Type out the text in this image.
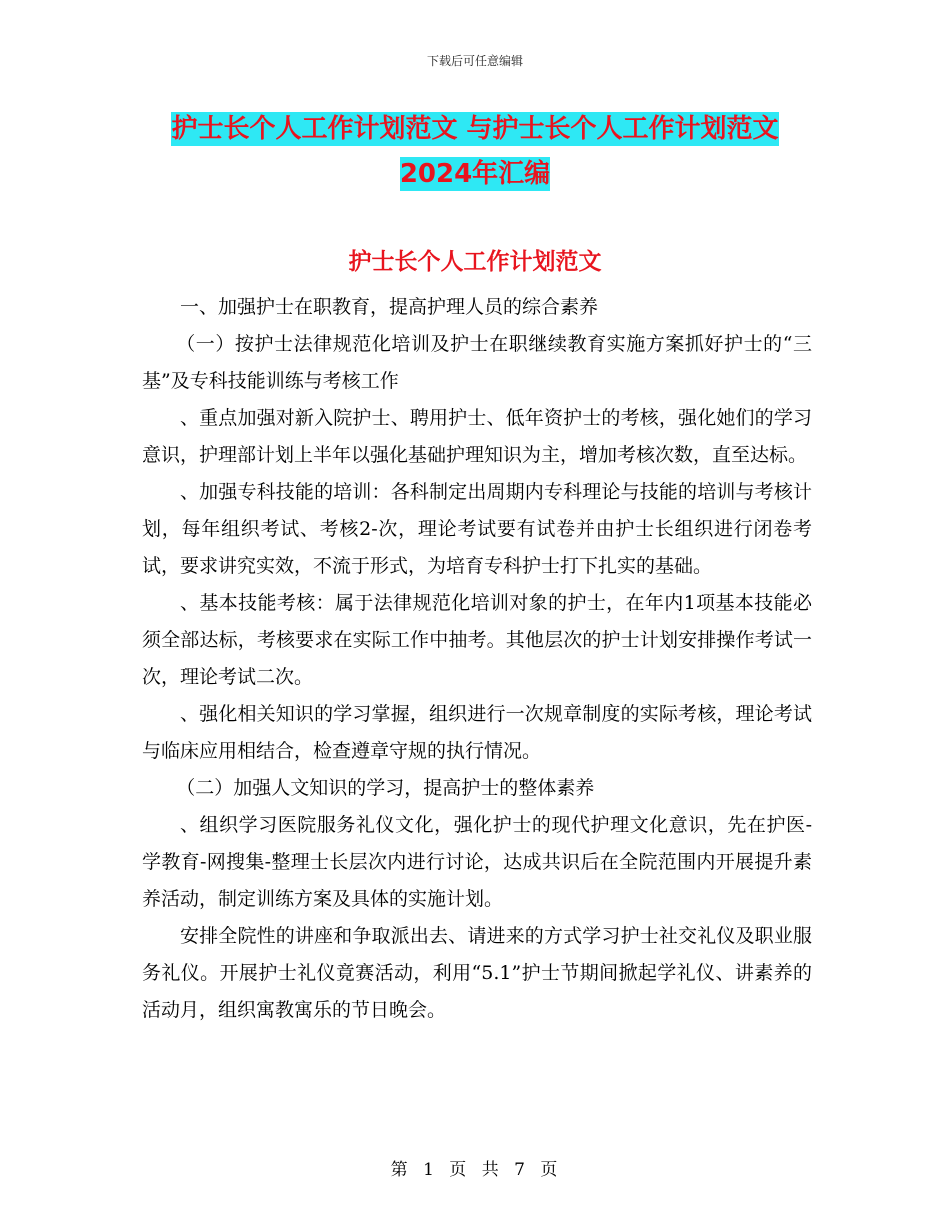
下载后可任意编辑
护士长个人工作计划范文 与护士长个人工作计划范文
2024年汇编
护士长个人工作计划范文

一、加强护士在职教育，提高护理人员的综合素养

（一）按护士法律规范化培训及护士在职继续教育实施方案抓好护士的“三基”及专科技能训练与考核工作

、重点加强对新入院护士、聘用护士、低年资护士的考核，强化她们的学习意识，护理部计划上半年以强化基础护理知识为主，增加考核次数，直至达标。

、加强专科技能的培训：各科制定出周期内专科理论与技能的培训与考核计划，每年组织考试、考核2-次，理论考试要有试卷并由护士长组织进行闭卷考试，要求讲究实效，不流于形式，为培育专科护士打下扎实的基础。

、基本技能考核：属于法律规范化培训对象的护士，在年内1项基本技能必须全部达标，考核要求在实际工作中抽考。其他层次的护士计划安排操作考试一次，理论考试二次。

、强化相关知识的学习掌握，组织进行一次规章制度的实际考核，理论考试与临床应用相结合，检查遵章守规的执行情况。

（二）加强人文知识的学习，提高护士的整体素养

、组织学习医院服务礼仪文化，强化护士的现代护理文化意识，先在护医-学教育-网搜集-整理士长层次内进行讨论，达成共识后在全院范围内开展提升素养活动，制定训练方案及具体的实施计划。

安排全院性的讲座和争取派出去、请进来的方式学习护士社交礼仪及职业服务礼仪。开展护士礼仪竟赛活动，利用“5.1”护士节期间掀起学礼仪、讲素养的活动月，组织寓教寓乐的节日晚会。

第 1 页 共 7 页
